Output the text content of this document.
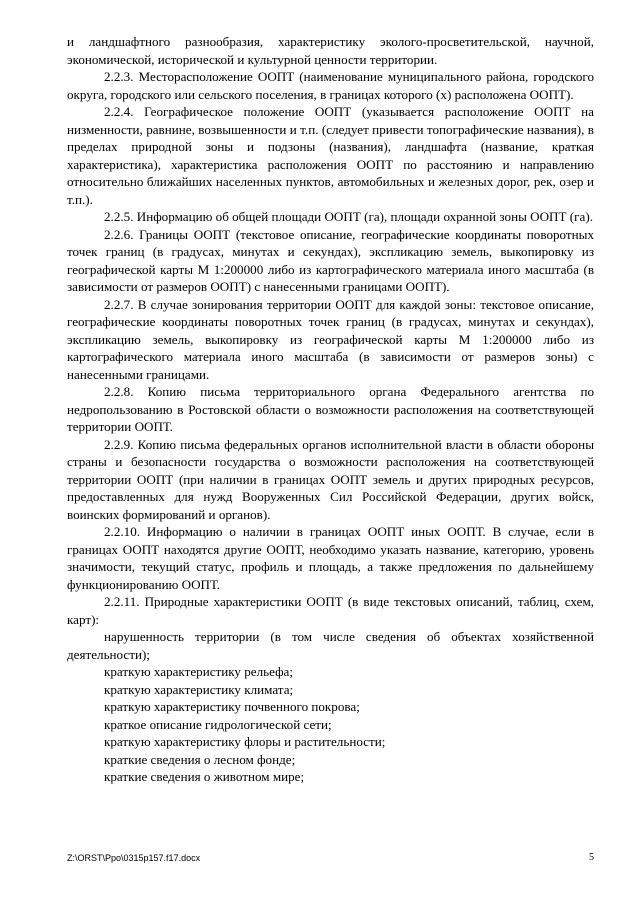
и ландшафтного разнообразия, характеристику эколого-просветительской, научной, экономической, исторической и культурной ценности территории.

2.2.3. Месторасположение ООПТ (наименование муниципального района, городского округа, городского или сельского поселения, в границах которого (х) расположена ООПТ).

2.2.4. Географическое положение ООПТ (указывается расположение ООПТ на низменности, равнине, возвышенности и т.п. (следует привести топографические названия), в пределах природной зоны и подзоны (названия), ландшафта (название, краткая характеристика), характеристика расположения ООПТ по расстоянию и направлению относительно ближайших населенных пунктов, автомобильных и железных дорог, рек, озер и т.п.).

2.2.5. Информацию об общей площади ООПТ (га), площади охранной зоны ООПТ (га).

2.2.6. Границы ООПТ (текстовое описание, географические координаты поворотных точек границ (в градусах, минутах и секундах), экспликацию земель, выкопировку из географической карты М 1:200000 либо из картографического материала иного масштаба (в зависимости от размеров ООПТ) с нанесенными границами ООПТ).

2.2.7. В случае зонирования территории ООПТ для каждой зоны: текстовое описание, географические координаты поворотных точек границ (в градусах, минутах и секундах), экспликацию земель, выкопировку из географической карты М 1:200000 либо из картографического материала иного масштаба (в зависимости от размеров зоны) с нанесенными границами.

2.2.8. Копию письма территориального органа Федерального агентства по недропользованию в Ростовской области о возможности расположения на соответствующей территории ООПТ.

2.2.9. Копию письма федеральных органов исполнительной власти в области обороны страны и безопасности государства о возможности расположения на соответствующей территории ООПТ (при наличии в границах ООПТ земель и других природных ресурсов, предоставленных для нужд Вооруженных Сил Российской Федерации, других войск, воинских формирований и органов).

2.2.10. Информацию о наличии в границах ООПТ иных ООПТ. В случае, если в границах ООПТ находятся другие ООПТ, необходимо указать название, категорию, уровень значимости, текущий статус, профиль и площадь, а также предложения по дальнейшему функционированию ООПТ.

2.2.11. Природные характеристики ООПТ (в виде текстовых описаний, таблиц, схем, карт):

нарушенность территории (в том числе сведения об объектах хозяйственной деятельности);

краткую характеристику рельефа;

краткую характеристику климата;

краткую характеристику почвенного покрова;

краткое описание гидрологической сети;

краткую характеристику флоры и растительности;

краткие сведения о лесном фонде;

краткие сведения о животном мире;

Z:\ORST\Ppo\0315p157.f17.docx	5
